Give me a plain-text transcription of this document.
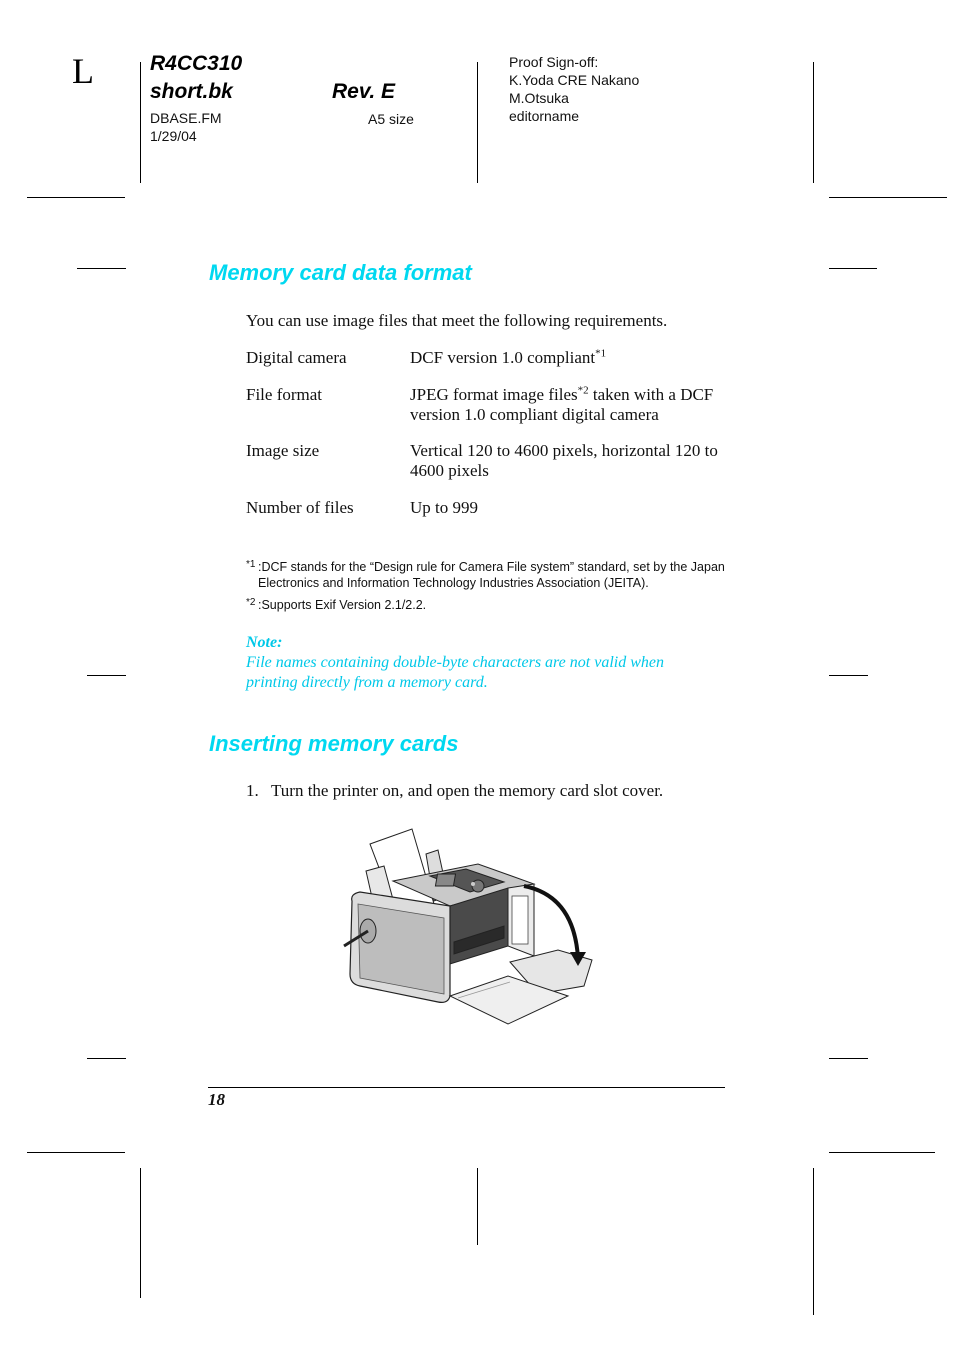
L	R4CC310
short.bk	Rev. E
DBASE.FM
1/29/04
A5 size
Proof Sign-off:
K.Yoda CRE Nakano
M.Otsuka
editorname
Memory card data format
You can use image files that meet the following requirements.
Digital camera	DCF version 1.0 compliant$^{*1}$
File format	JPEG format image files$^{*2}$ taken with a DCF version 1.0 compliant digital camera
Image size	Vertical 120 to 4600 pixels, horizontal 120 to 4600 pixels
Number of files	Up to 999
*1 :DCF stands for the “Design rule for Camera File system” standard, set by the Japan Electronics and Information Technology Industries Association (JEITA).
*2 :Supports Exif Version 2.1/2.2.
Note:
File names containing double-byte characters are not valid when printing directly from a memory card.
Inserting memory cards
1. Turn the printer on, and open the memory card slot cover.
18
